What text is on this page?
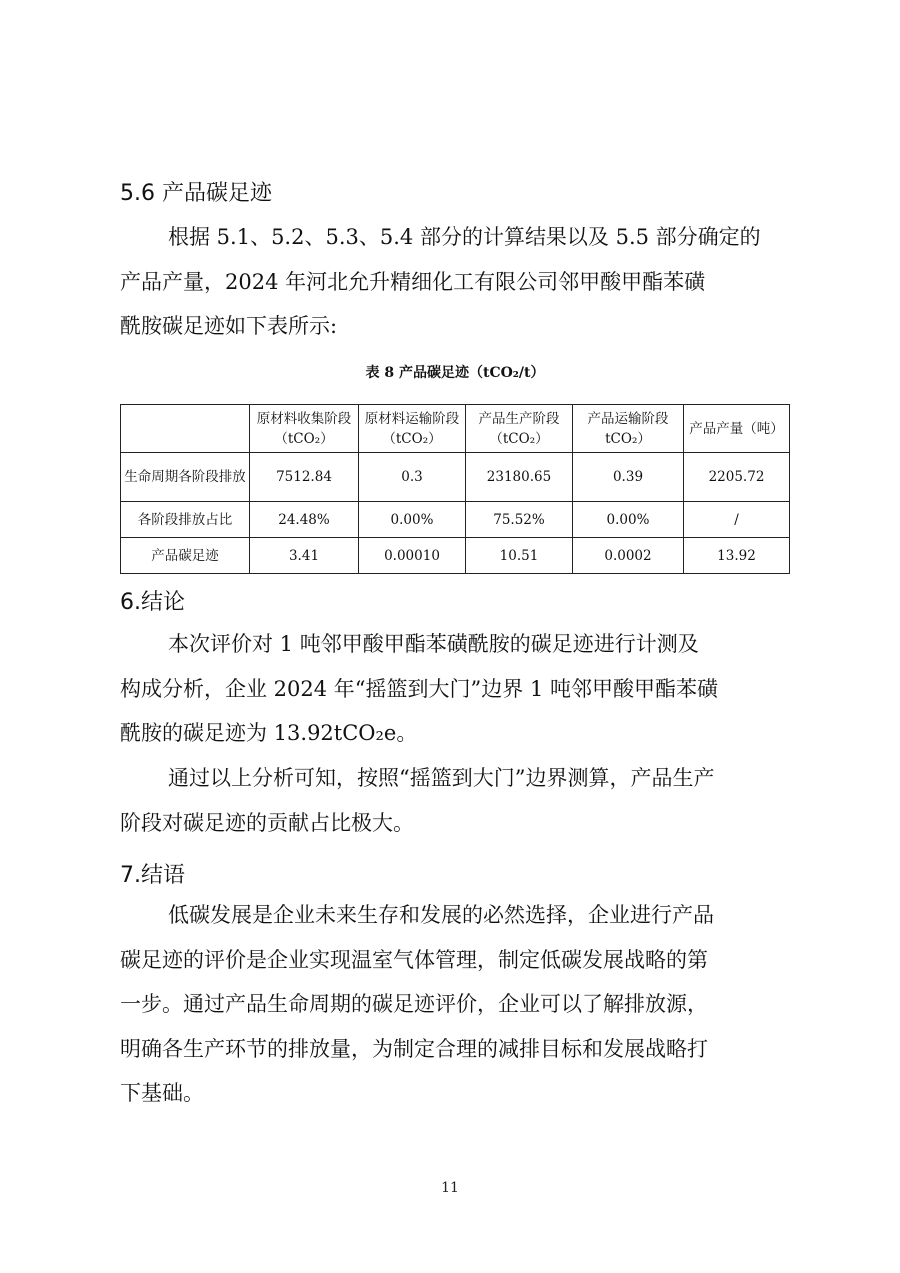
5.6 产品碳足迹
根据 5.1、5.2、5.3、5.4 部分的计算结果以及 5.5 部分确定的
产品产量，2024 年河北允升精细化工有限公司邻甲酸甲酯苯磺
酰胺碳足迹如下表所示:
表 8 产品碳足迹（tCO₂/t）
	原材料收集阶段（tCO₂）	原材料运输阶段（tCO₂）	产品生产阶段（tCO₂）	产品运输阶段 tCO₂）	产品产量（吨）
生命周期各阶段排放	7512.84	0.3	23180.65	0.39	2205.72
各阶段排放占比	24.48%	0.00%	75.52%	0.00%	/
产品碳足迹	3.41	0.00010	10.51	0.0002	13.92
6.结论
本次评价对 1 吨邻甲酸甲酯苯磺酰胺的碳足迹进行计测及
构成分析，企业 2024 年“摇篮到大门”边界 1 吨邻甲酸甲酯苯磺
酰胺的碳足迹为 13.92tCO₂e。
通过以上分析可知，按照“摇篮到大门”边界测算，产品生产
阶段对碳足迹的贡献占比极大。
7.结语
低碳发展是企业未来生存和发展的必然选择，企业进行产品
碳足迹的评价是企业实现温室气体管理，制定低碳发展战略的第
一步。通过产品生命周期的碳足迹评价，企业可以了解排放源，
明确各生产环节的排放量，为制定合理的减排目标和发展战略打
下基础。
11
